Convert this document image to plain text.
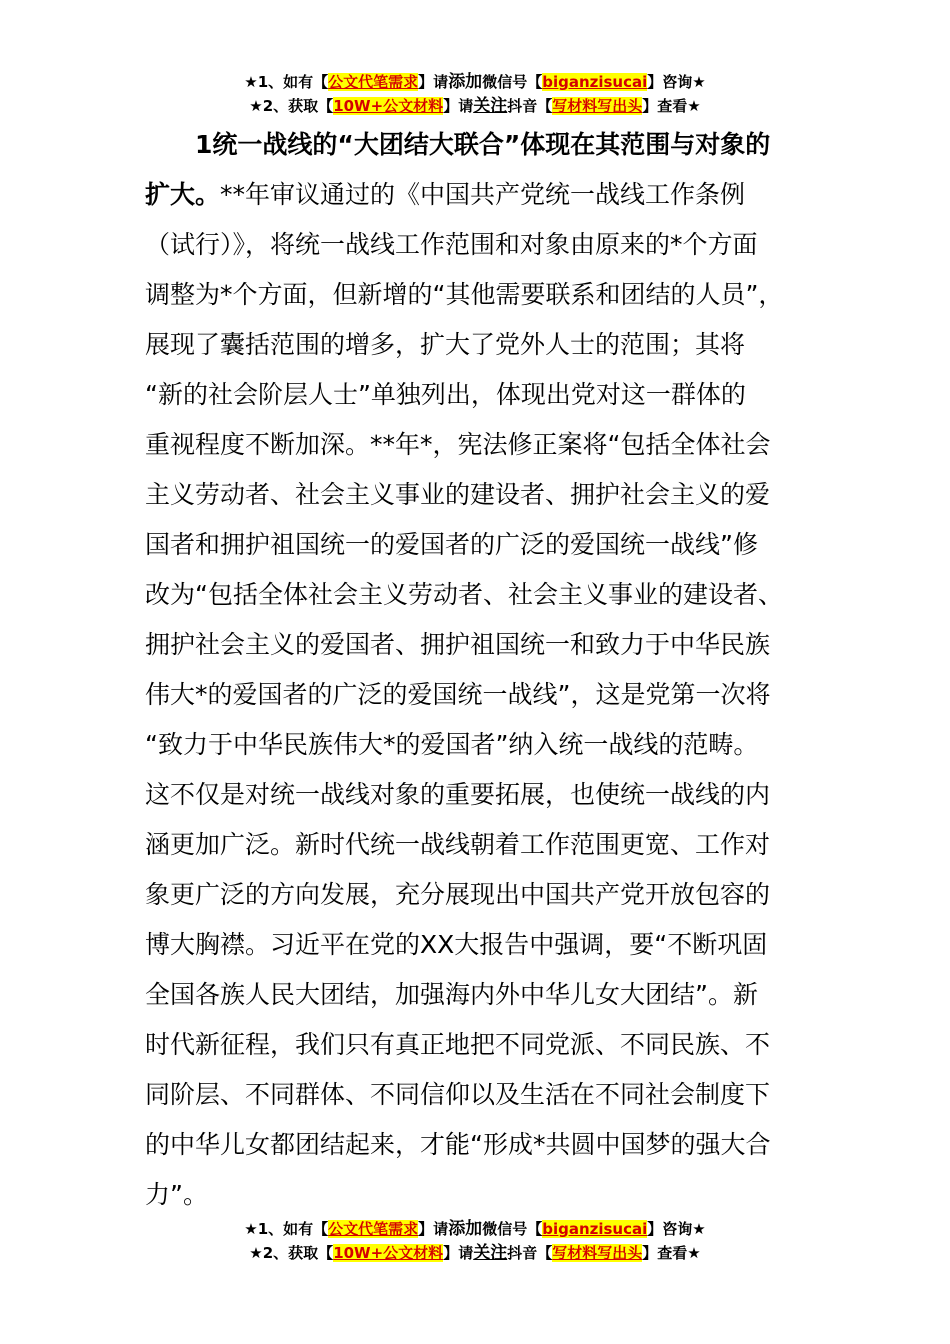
★1、如有【公文代笔需求】请添加微信号【biganzisucai】咨询★
★2、获取【10W+公文材料】请关注抖音【写材料写出头】查看★
1统一战线的“大团结大联合”体现在其范围与对象的
扩大。**年审议通过的《中国共产党统一战线工作条例
（试行）》，将统一战线工作范围和对象由原来的*个方面
调整为*个方面，但新增的“其他需要联系和团结的人员”，
展现了囊括范围的增多，扩大了党外人士的范围；其将
“新的社会阶层人士”单独列出，体现出党对这一群体的
重视程度不断加深。**年*，宪法修正案将“包括全体社会
主义劳动者、社会主义事业的建设者、拥护社会主义的爱
国者和拥护祖国统一的爱国者的广泛的爱国统一战线”修
改为“包括全体社会主义劳动者、社会主义事业的建设者、
拥护社会主义的爱国者、拥护祖国统一和致力于中华民族
伟大*的爱国者的广泛的爱国统一战线”，这是党第一次将
“致力于中华民族伟大*的爱国者”纳入统一战线的范畴。
这不仅是对统一战线对象的重要拓展，也使统一战线的内
涵更加广泛。新时代统一战线朝着工作范围更宽、工作对
象更广泛的方向发展，充分展现出中国共产党开放包容的
博大胸襟。习近平在党的XX大报告中强调，要“不断巩固
全国各族人民大团结，加强海内外中华儿女大团结”。新
时代新征程，我们只有真正地把不同党派、不同民族、不
同阶层、不同群体、不同信仰以及生活在不同社会制度下
的中华儿女都团结起来，才能“形成*共圆中国梦的强大合
力”。
★1、如有【公文代笔需求】请添加微信号【biganzisucai】咨询★
★2、获取【10W+公文材料】请关注抖音【写材料写出头】查看★
